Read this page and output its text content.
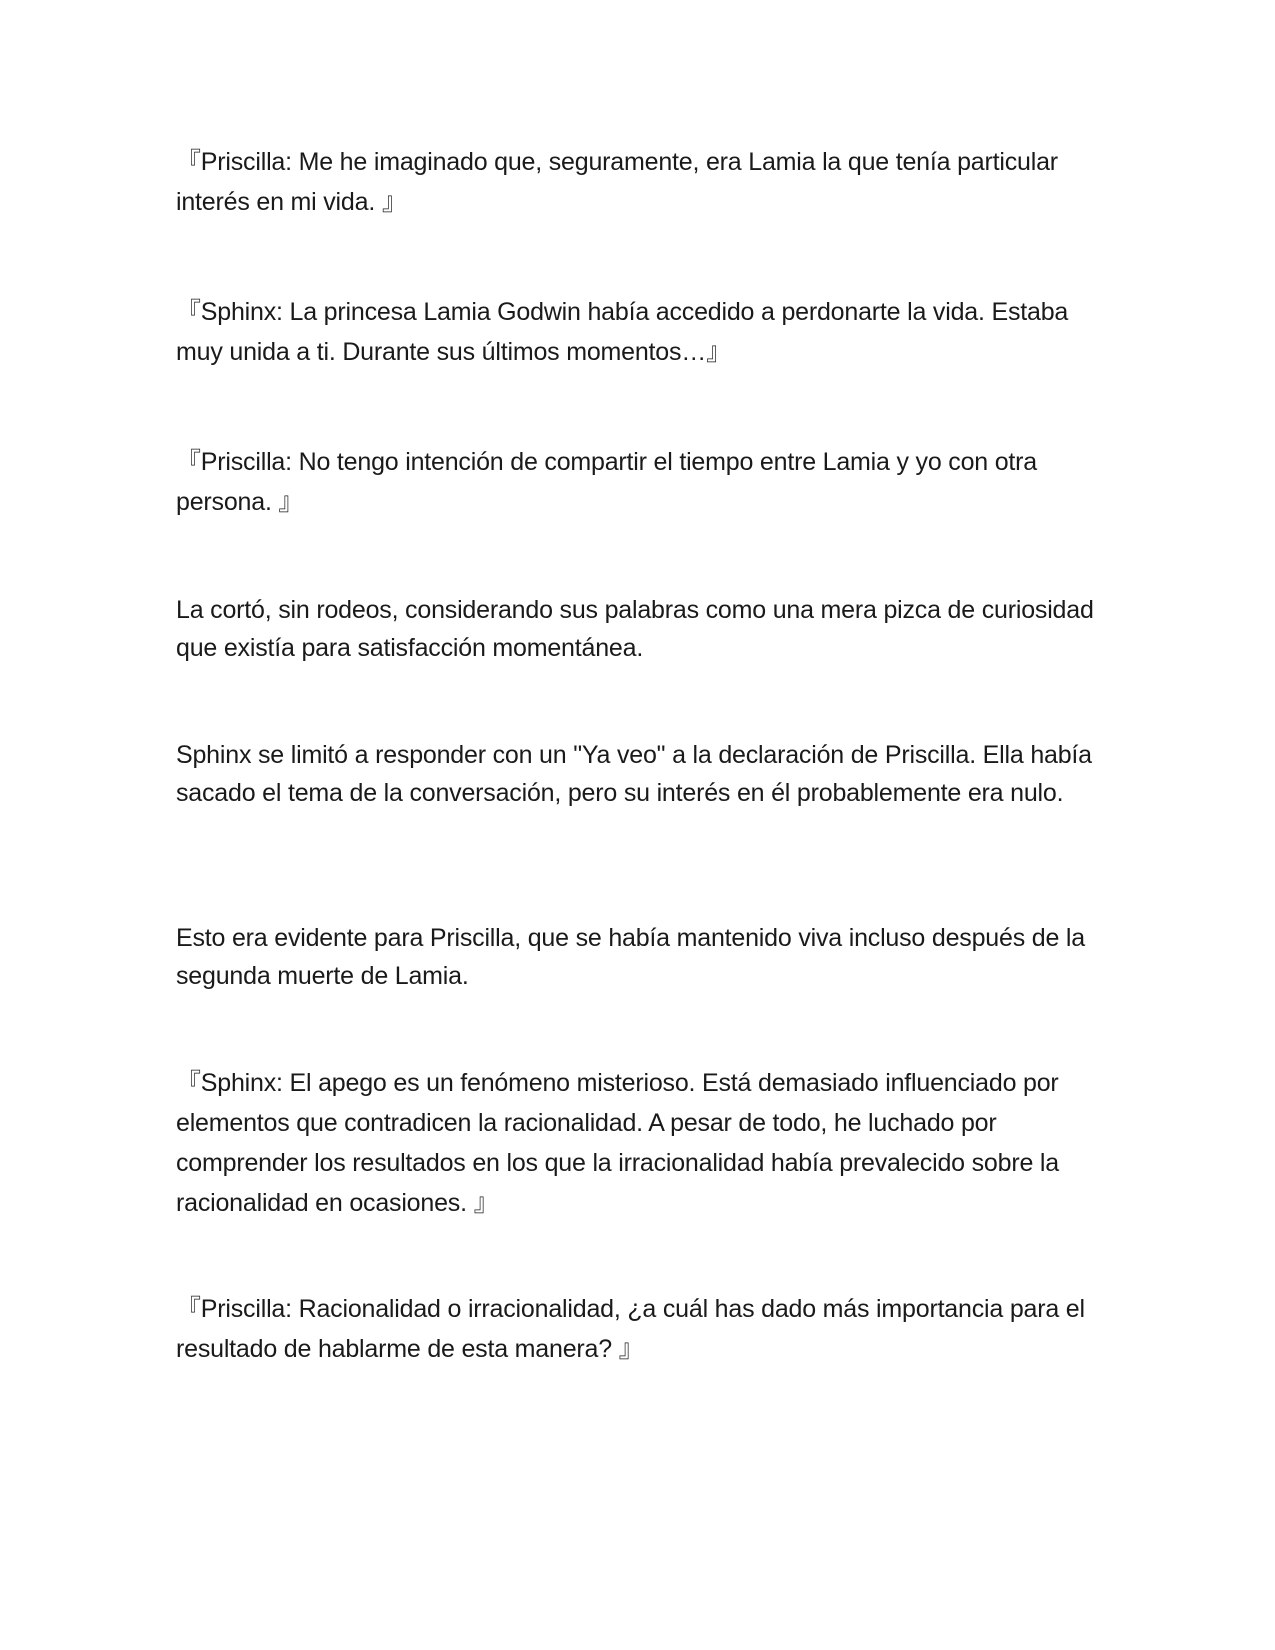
『Priscilla: Me he imaginado que, seguramente, era Lamia la que tenía particular interés en mi vida. 』

『Sphinx: La princesa Lamia Godwin había accedido a perdonarte la vida. Estaba muy unida a ti. Durante sus últimos momentos…』

『Priscilla: No tengo intención de compartir el tiempo entre Lamia y yo con otra persona. 』

La cortó, sin rodeos, considerando sus palabras como una mera pizca de curiosidad que existía para satisfacción momentánea.

Sphinx se limitó a responder con un "Ya veo" a la declaración de Priscilla. Ella había sacado el tema de la conversación, pero su interés en él probablemente era nulo.

Esto era evidente para Priscilla, que se había mantenido viva incluso después de la segunda muerte de Lamia.

『Sphinx: El apego es un fenómeno misterioso. Está demasiado influenciado por elementos que contradicen la racionalidad. A pesar de todo, he luchado por comprender los resultados en los que la irracionalidad había prevalecido sobre la racionalidad en ocasiones. 』

『Priscilla: Racionalidad o irracionalidad, ¿a cuál has dado más importancia para el resultado de hablarme de esta manera? 』
